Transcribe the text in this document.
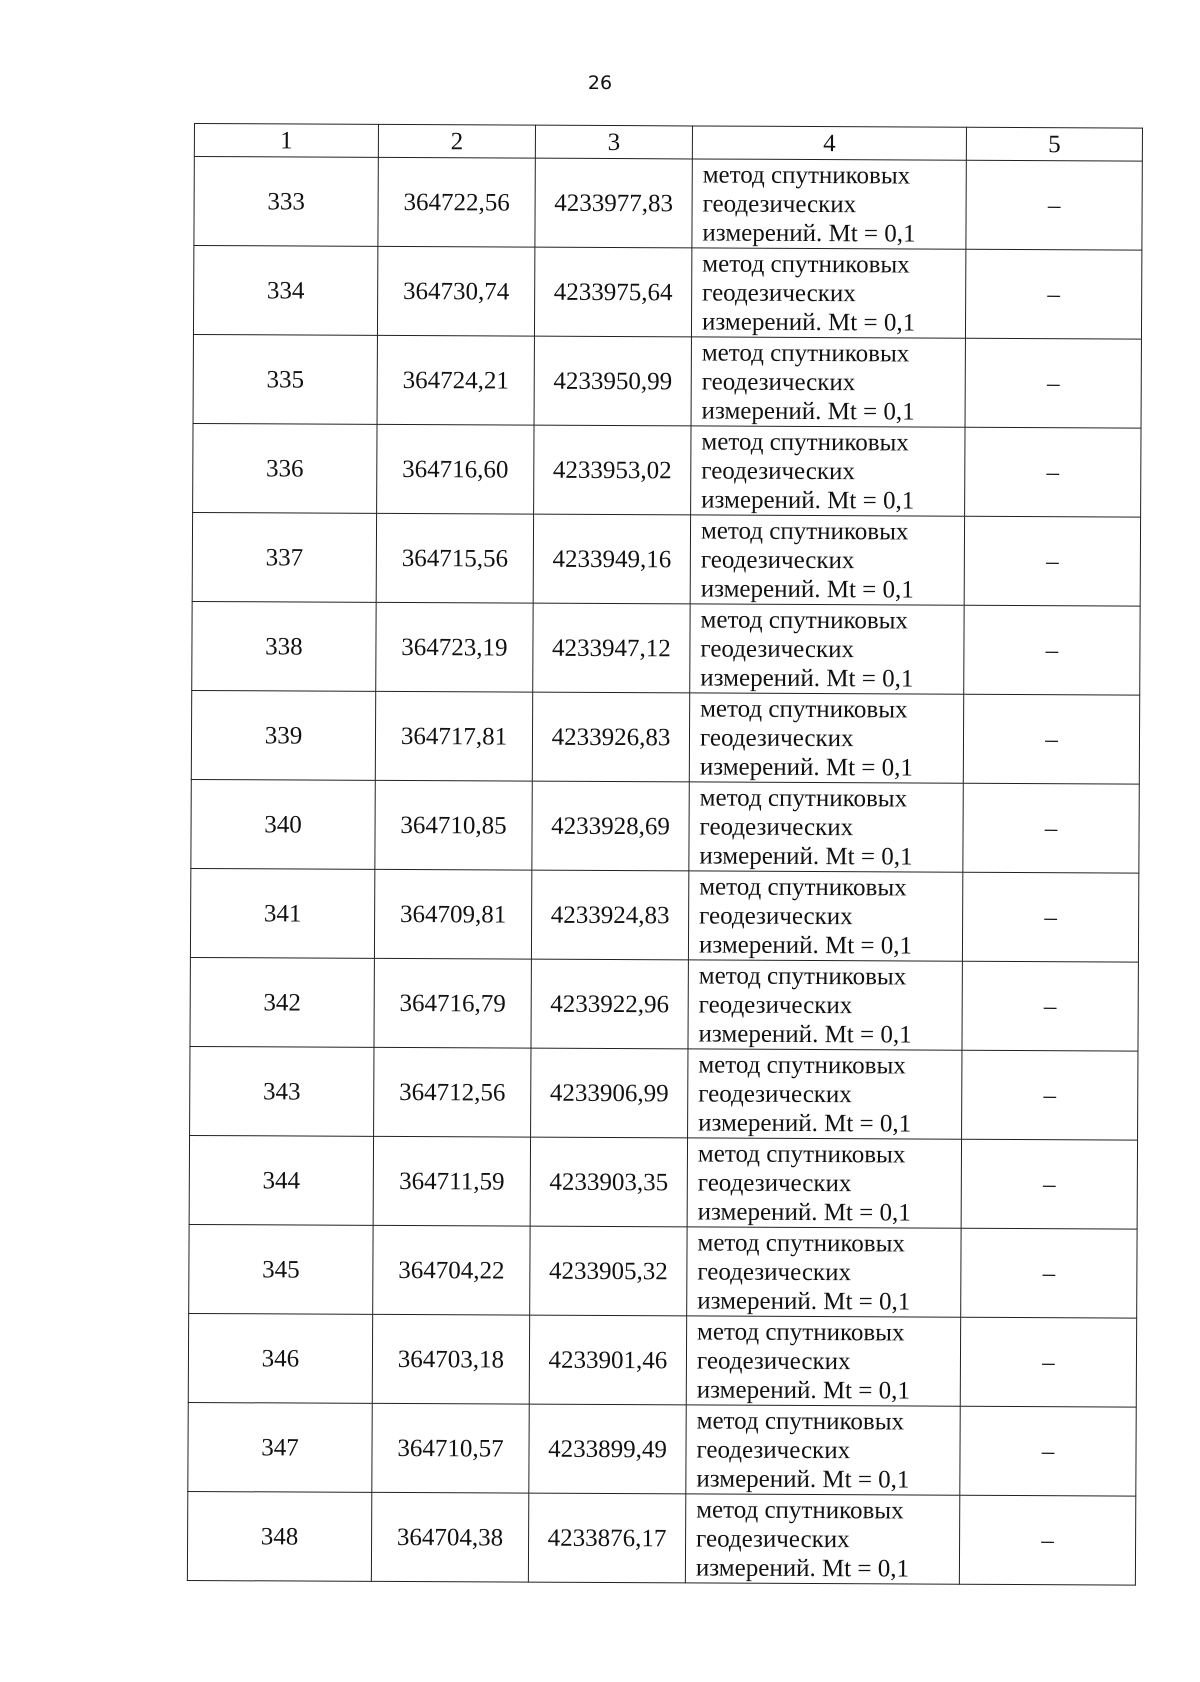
26
1	2	3	4	5
333	364722,56	4233977,83	метод спутниковых
геодезических
измерений. Mt = 0,1	–
334	364730,74	4233975,64	метод спутниковых
геодезических
измерений. Mt = 0,1	–
335	364724,21	4233950,99	метод спутниковых
геодезических
измерений. Mt = 0,1	–
336	364716,60	4233953,02	метод спутниковых
геодезических
измерений. Mt = 0,1	–
337	364715,56	4233949,16	метод спутниковых
геодезических
измерений. Mt = 0,1	–
338	364723,19	4233947,12	метод спутниковых
геодезических
измерений. Mt = 0,1	–
339	364717,81	4233926,83	метод спутниковых
геодезических
измерений. Mt = 0,1	–
340	364710,85	4233928,69	метод спутниковых
геодезических
измерений. Mt = 0,1	–
341	364709,81	4233924,83	метод спутниковых
геодезических
измерений. Mt = 0,1	–
342	364716,79	4233922,96	метод спутниковых
геодезических
измерений. Mt = 0,1	–
343	364712,56	4233906,99	метод спутниковых
геодезических
измерений. Mt = 0,1	–
344	364711,59	4233903,35	метод спутниковых
геодезических
измерений. Mt = 0,1	–
345	364704,22	4233905,32	метод спутниковых
геодезических
измерений. Mt = 0,1	–
346	364703,18	4233901,46	метод спутниковых
геодезических
измерений. Mt = 0,1	–
347	364710,57	4233899,49	метод спутниковых
геодезических
измерений. Mt = 0,1	–
348	364704,38	4233876,17	метод спутниковых
геодезических
измерений. Mt = 0,1	–
